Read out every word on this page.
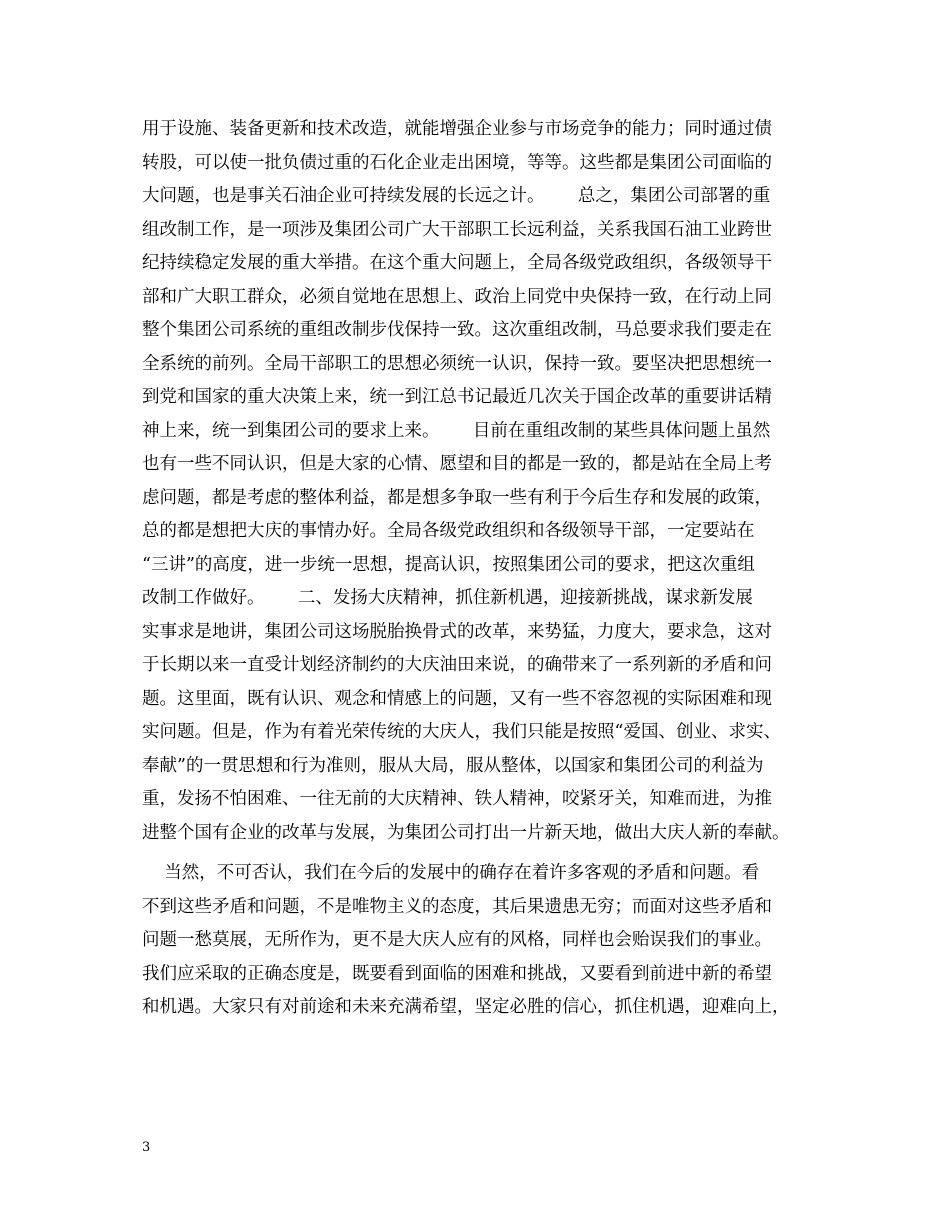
用于设施、装备更新和技术改造，就能增强企业参与市场竞争的能力；同时通过债
转股，可以使一批负债过重的石化企业走出困境，等等。这些都是集团公司面临的
大问题，也是事关石油企业可持续发展的长远之计。      总之，集团公司部署的重
组改制工作，是一项涉及集团公司广大干部职工长远利益，关系我国石油工业跨世
纪持续稳定发展的重大举措。在这个重大问题上，全局各级党政组织，各级领导干
部和广大职工群众，必须自觉地在思想上、政治上同党中央保持一致，在行动上同
整个集团公司系统的重组改制步伐保持一致。这次重组改制，马总要求我们要走在
全系统的前列。全局干部职工的思想必须统一认识，保持一致。要坚决把思想统一
到党和国家的重大决策上来，统一到江总书记最近几次关于国企改革的重要讲话精
神上来，统一到集团公司的要求上来。      目前在重组改制的某些具体问题上虽然
也有一些不同认识，但是大家的心情、愿望和目的都是一致的，都是站在全局上考
虑问题，都是考虑的整体利益，都是想多争取一些有利于今后生存和发展的政策，
总的都是想把大庆的事情办好。全局各级党政组织和各级领导干部，一定要站在
“三讲”的高度，进一步统一思想，提高认识，按照集团公司的要求，把这次重组
改制工作做好。      二、发扬大庆精神，抓住新机遇，迎接新挑战，谋求新发展
实事求是地讲，集团公司这场脱胎换骨式的改革，来势猛，力度大，要求急，这对
于长期以来一直受计划经济制约的大庆油田来说，的确带来了一系列新的矛盾和问
题。这里面，既有认识、观念和情感上的问题，又有一些不容忽视的实际困难和现
实问题。但是，作为有着光荣传统的大庆人，我们只能是按照“爱国、创业、求实、
奉献”的一贯思想和行为准则，服从大局，服从整体，以国家和集团公司的利益为
重，发扬不怕困难、一往无前的大庆精神、铁人精神，咬紧牙关，知难而进，为推
进整个国有企业的改革与发展，为集团公司打出一片新天地，做出大庆人新的奉献。
当然，不可否认，我们在今后的发展中的确存在着许多客观的矛盾和问题。看
不到这些矛盾和问题，不是唯物主义的态度，其后果遗患无穷；而面对这些矛盾和
问题一愁莫展，无所作为，更不是大庆人应有的风格，同样也会贻误我们的事业。
我们应采取的正确态度是，既要看到面临的困难和挑战，又要看到前进中新的希望
和机遇。大家只有对前途和未来充满希望，坚定必胜的信心，抓住机遇，迎难向上，
3
